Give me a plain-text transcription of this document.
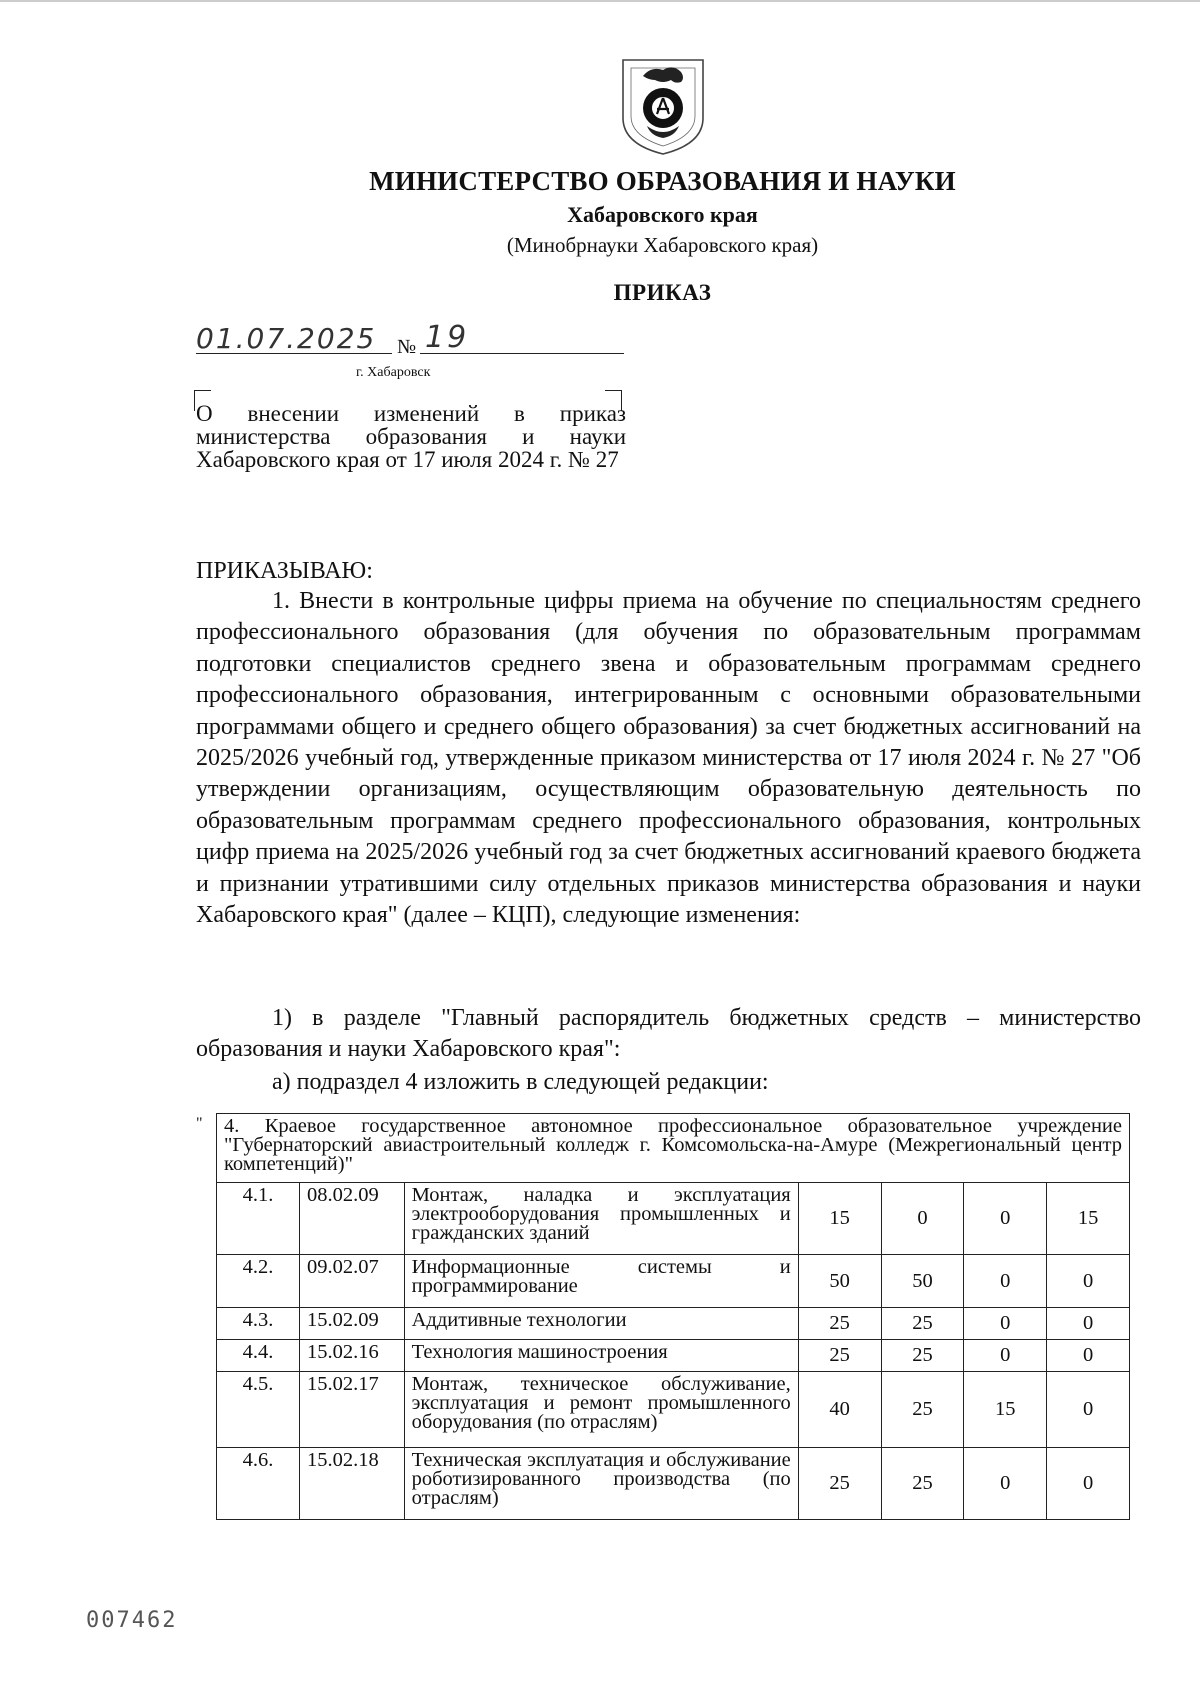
МИНИСТЕРСТВО ОБРАЗОВАНИЯ И НАУКИ
Хабаровского края
(Минобрнауки Хабаровского края)
ПРИКАЗ
01.07.2025 № 19
г. Хабаровск
О внесении изменений в приказ министерства образования и науки Хабаровского края от 17 июля 2024 г. № 27
ПРИКАЗЫВАЮ:
1. Внести в контрольные цифры приема на обучение по специальностям среднего профессионального образования (для обучения по образовательным программам подготовки специалистов среднего звена и образовательным программам среднего профессионального образования, интегрированным с основными образовательными программами общего и среднего общего образования) за счет бюджетных ассигнований на 2025/2026 учебный год, утвержденные приказом министерства от 17 июля 2024 г. № 27 "Об утверждении организациям, осуществляющим образовательную деятельность по образовательным программам среднего профессионального образования, контрольных цифр приема на 2025/2026 учебный год за счет бюджетных ассигнований краевого бюджета и признании утратившими силу отдельных приказов министерства образования и науки Хабаровского края" (далее – КЦП), следующие изменения:
1) в разделе "Главный распорядитель бюджетных средств – министерство образования и науки Хабаровского края":
а) подраздел 4 изложить в следующей редакции:
" 4. Краевое государственное автономное профессиональное образовательное учреждение "Губернаторский авиастроительный колледж г. Комсомольска-на-Амуре (Межрегиональный центр компетенций)"						
4.1.	08.02.09	Монтаж, наладка и эксплуатация электрооборудования промышленных и гражданских зданий	15	0	0	15
4.2.	09.02.07	Информационные системы и программирование	50	50	0	0
4.3.	15.02.09	Аддитивные технологии	25	25	0	0
4.4.	15.02.16	Технология машиностроения	25	25	0	0
4.5.	15.02.17	Монтаж, техническое обслуживание, эксплуатация и ремонт промышленного оборудования (по отраслям)	40	25	15	0
4.6.	15.02.18	Техническая эксплуатация и обслуживание роботизированного производства (по отраслям)	25	25	0	0
007462
